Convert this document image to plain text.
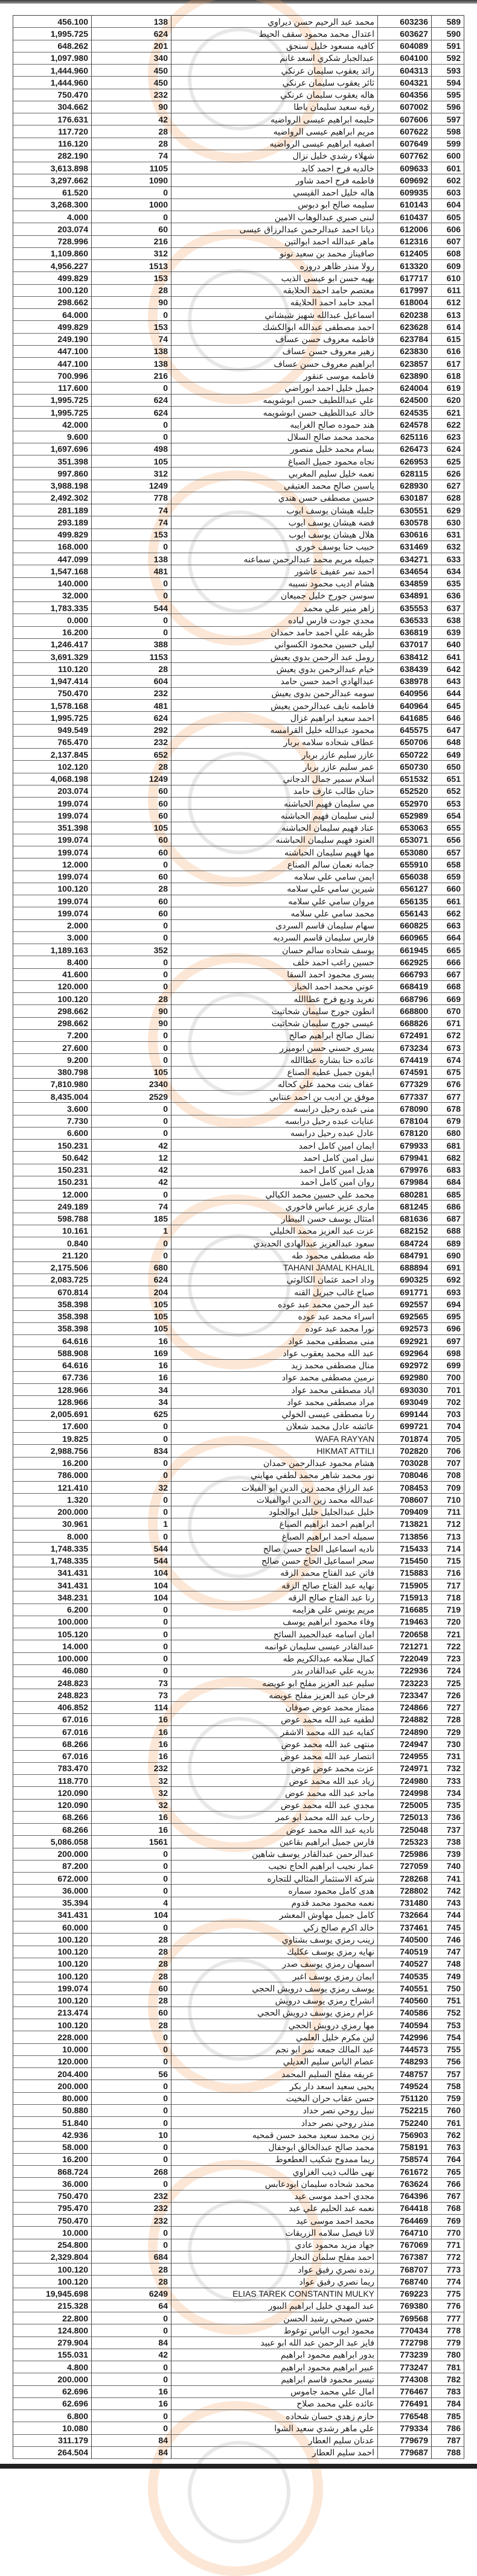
456.100	138	محمد عبد الرحيم حسن ديراوي	603236	589
1,995.725	624	اعتدال محمد محمود سقف الحيط	603627	590
648.262	201	كافيه مسعود خليل سنجق	604089	591
1,097.980	340	عبدالجبار شكري اسعد غانم	604100	592
1,444.960	450	رائد يعقوب سليمان عرنكي	604313	593
1,444.960	450	ثائر يعقوب سليمان عرنكي	604321	594
750.470	232	هاله يعقوب سليمان عرنكي	604356	595
304.662	90	رقيه سعيد سليمان باطا	607002	596
176.631	42	حليمه ابراهيم عيسى الرواضيه	607606	597
117.720	28	مريم ابراهيم عيسى الرواضيه	607622	598
116.120	28	اصفيه ابراهيم عيسى الرواضيه	607649	599
282.190	74	شهلاء رشدي خليل نزال	607762	600
3,613.898	1105	خالديه فرح احمد كايد	609633	601
3,297.662	1090	فاطمه فرح احمد شاور	609692	602
61.520	0	هاله خليل احمد القيسي	609935	603
3,268.300	1000	سليمه صالح ابو دبوس	610143	604
4.000	0	لبنى صبري عبدالوهاب الامين	610437	605
203.074	60	ديانا احمد عبدالرحمن عبدالرزاق عيسى	612006	606
728.996	216	ماهر عبدالله احمد ابوالتين	612316	607
1,109.860	312	صافيناز محمد بن سعيد نونو	612405	608
4,956.227	1513	رولا منذر ظاهر دروزه	613320	609
499.829	153	بهيه حسن ابو عيسى الذيب	617717	610
100.120	28	معتصم حامد احمد الحلايقه	617997	611
298.662	90	امجد حامد احمد الحلايقه	618004	612
64.000	0	اسماعيل عبدالله شهيز شيشاني	620238	613
499.829	153	احمد مصطفى عبدالله ابوالكشك	623628	614
249.190	74	فاطمه معروف حسن عساف	623784	615
447.100	138	زهير معروف حسن عساف	623830	616
447.100	138	ابراهيم معروف حسن عساف	623857	617
700.996	216	فاطمه موسى عنقور	623890	618
117.600	0	جميل خليل احمد ابوراضي	624004	619
1,995.725	624	علي عبداللطيف حسن ابوشويمه	624500	620
1,995.725	624	خالد عبداللطيف حسن ابوشويمه	624535	621
42.000	0	هند حموده صالح الغرايبه	624578	622
9.600	0	محمد محمد صالح السلال	625116	623
1,697.696	498	بسام محمد خليل منصور	626473	624
351.398	105	نجاه محمود جميل الصباغ	626953	625
997.860	312	نعمه خليل سليم المغربي	628115	626
3,988.198	1249	ياسين صالح محمد العتيقي	628930	627
2,492.302	778	حسين مصطفى حسن هندي	630187	628
281.189	74	جلبله هيشان يوسف ايوب	630551	629
293.189	74	فضه هيشان يوسف ايوب	630578	630
499.829	153	هلال هيشان يوسف ايوب	630616	631
168.000	0	حبيب حنا يوسف خوري	631469	632
447.099	138	جميله مريم محمد عبدالرحمن سماعنه	634271	633
1,547.168	481	احمد نمر عفيف عاشور	634654	634
140.000	0	هشام اديب محمود نسيبه	634859	635
32.000	0	سوسن جورج خليل جميعان	634891	636
1,783.335	544	زاهر منير علي محمد	635553	637
0.000	0	مجدي جودت فارس لباده	636533	638
16.200	0	ظريفه علي احمد حامد حمدان	636819	639
1,246.417	388	ليلى حسين محمود الكسواني	637017	640
3,691.329	1153	رومل عبد الرحمن بدوي يعيش	638412	641
110.120	28	خيام عبدالرحمن بدوي يعيش	638439	642
1,947.414	604	عبدالهادي احمد حسن حامد	638978	643
750.470	232	سومه عبدالرحمن بدوى يعيش	640956	644
1,578.168	481	فاطمه نايف عبدالرحمن يعيش	640964	645
1,995.725	624	احمد سعيد ابراهيم غزال	641685	646
949.549	292	محمود عبدالله خليل القرامسه	645575	647
765.470	232	عطاف شحاده سلامه بربار	650706	648
2,137.845	652	عازر سليم عازر بربار	650722	649
102.120	28	عمر سليم عازر بربار	650730	650
4,068.198	1249	اسلام سمير جمال الدجاني	651532	651
203.074	60	حنان طالب عارف حامد	652520	652
199.074	60	مي سليمان فهيم الحباشنه	652970	653
199.074	60	لبنى سليمان فهيم الحباشنه	652989	654
351.398	105	عناد فهيم سليمان الحباشنه	653063	655
199.074	60	العنود فهيم سليمان الحباشنه	653071	656
199.074	60	مها فهيم سليمان الحباشنه	653080	657
12.000	0	جمانه نعمان سالم الصناع	655910	658
199.074	60	ايمن سامي علي سلامه	656038	659
100.120	28	شيرين سامي علي سلامه	656127	660
199.074	60	مروان سامي علي سلامه	656135	661
199.074	60	محمد سامي علي سلامه	656143	662
2.000	0	سهام سليمان قاسم السردى	660825	663
3.000	0	فارس سليمان قاسم السرديه	660965	664
1,189.163	352	يوسف شحاده سالم حسان	661945	665
8.400	0	حسين راغب احمد خلف	662925	666
41.600	0	يسرى محمود احمد السقا	666793	667
120.000	0	عوني محمد احمد الخباز	668419	668
100.120	28	تغريد وديع فرج عطاالله	668796	669
298.662	90	انطون جورج سليمان شحاتيت	668800	670
298.662	90	عيسى جورج سليمان شحاتيت	668826	671
7.200	0	نضال صالح ابراهيم صالح	672491	672
27.600	0	يسرى حسني حسن ابوميزر	673234	673
9.200	0	عائده حنا بشاره عطاالله	674419	674
380.798	105	ايفون جميل عطيه الصناع	674591	675
7,810.980	2340	عفاف بنت محمد علي كحاله	677329	676
8,435.004	2529	موفق بن اديب بن احمد عنتابي	677337	677
3.600	0	منى عبده رحيل درابسه	678090	678
7.730	0	عنايات عبده رحيل درابسه	678104	679
6.600	0	عادل عبده رحيل درابسه	678120	680
150.231	42	ايمان امين كامل احمد	679933	681
50.642	12	نبيل امين كامل احمد	679941	682
150.231	42	هديل امين كامل احمد	679976	683
150.231	42	روان امين كامل احمد	679984	684
12.000	0	محمد علي حسين محمد الكيالي	680281	685
249.189	74	ماري عزيز عباس فاخوري	681245	686
598.788	185	امتثال يوسف حسن البيطار	681636	687
10.161	1	عزت عبد العزيز محمد الخليلي	682152	688
0.840	0	سعود عبدالعزيز عبدالهادى الحديدي	684724	689
21.120	0	طه مصطفى محمود طه	684791	690
2,175.506	680	TAHANI JAMAL KHALIL	688894	691
2,083.725	624	وداد احمد عثمان الكالوتي	690325	692
670.814	204	صباح غالب جبريل القنه	691771	693
358.398	105	عبد الرحمن محمد عبد عوده	692557	694
358.398	105	اسراء محمد عبد عوده	692565	695
358.398	105	نورا محمد عبد عوده	692573	696
64.616	16	منى مصطفى محمد عواد	692921	697
588.908	169	عبد الله محمد يعقوب عواد	692964	698
64.616	16	منال مصطفى محمد زيد	692972	699
67.736	16	نرمين مصطفى محمد عواد	692980	700
128.966	34	اياد مصطفى محمد عواد	693030	701
128.966	34	مراد مصطفى محمد عواد	693049	702
2,005.691	625	رنا مصطفى عيسى الخولي	699144	703
17.600	0	عائشه عادل محمد شعلان	699721	704
19.825	0	WAFA RAYYAN	701874	705
2,988.756	834	HIKMAT ATTILI	702820	706
16.200	0	هشام محمود عبدالرحمن حمدان	703028	707
786.000	0	نور محمد شاهر محمد لطفي مهايني	708046	708
121.410	32	عبد الرزاق محمد زين الدين ابو الفيلات	708453	709
1.320	0	عبدالله محمد زين الدين ابوالفيلات	708607	710
200.000	0	خليل عبدالجليل خليل ابوالجلود	709409	711
30.961	1	ابراهيم احمد ابراهيم الصباغ	713821	712
8.000	0	سميله احمد ابراهيم الصباغ	713856	713
1,748.335	544	ناديه اسماعيل الحاج حسن صالح	715433	714
1,748.335	544	سحر اسماعيل الحاج حسن صالح	715450	715
341.431	104	فاتن عبد الفتاح محمد الزقه	715883	716
341.431	104	نهايه عبد الفتاح صالح الزقه	715905	717
348.231	104	رنا عبد الفتاح صالح الزقه	715913	718
6.200	0	مريم يونس علي هزايمه	716685	719
100.000	0	وفاء محمود ابراهيم يوسف	719463	720
105.120	0	امان اسامه عبدالحميد السائح	720658	721
14.000	0	عبدالقادر عيسى سليمان غوانمه	721271	722
100.000	0	كمال سلامه عبدالكريم طه	722049	723
46.080	0	بدريه علي عبدالقادر بدر	722936	724
248.823	73	سليم عبد العزيز مفلح ابو عويضه	723223	725
248.823	73	فرحان عبد العزيز مفلح عويضه	723347	726
406.852	114	ممتاز محمد عوض صوفان	724866	727
67.016	16	لطفيه عبد الله محمد عوض	724882	728
67.016	16	كفايه عبد الله محمد الاشقر	724890	729
68.266	16	منتهى عبد الله محمد عوض	724947	730
67.016	16	انتصار عبد الله محمد عوض	724955	731
783.470	232	عزت محمد عوض عوض	724971	732
118.770	32	زياد عبد الله محمد عوض	724980	733
120.090	32	ماجد عبد الله محمد عوض	724998	734
120.090	32	مجدي عبد الله محمد عوض	725005	735
68.266	16	رحاب عبد الله محمد ابو عمر	725013	736
68.266	16	ناديه عبد الله محمد عوض	725048	737
5,086.058	1561	فارس جميل ابراهيم بقاعين	725323	738
200.000	0	عبدالرحمن عبدالقادر يوسف شاهين	725986	739
87.200	0	عمار نجيب ابراهيم الحاج نجيب	727059	740
672.000	0	شركة الاستثمار المثالي للتجاره	728268	741
36.000	0	هدى كامل محمود سماره	728802	742
35.394	4	نعمه محمود محمد قدوم	731480	743
341.431	104	كامل جميل مهاوش المعشر	732664	744
60.000	0	خالد اكرم صالح زكي	737461	745
100.120	28	زينب رمزي يوسف بشتاوي	740500	746
100.120	28	نهايه رمزي يوسف عكليك	740519	747
100.120	28	اسمهان رمزي يوسف صدر	740527	748
100.120	28	ايمان رمزي يوسف اغبر	740535	749
199.074	60	يوسف رمزي يوسف درويش الحجي	740551	750
100.120	28	انشراح رمزي يوسف درويش	740560	751
213.474	60	عزام رمزي يوسف درويش الحجي	740586	752
100.120	28	مها رمزي درويش الحجي	740594	753
228.000	0	لين مكرم خليل العلمي	742996	754
10.000	0	عبد المالك جمعه نمر ابو نجم	744573	755
120.000	0	عصام الياس سليم العديلي	748293	756
204.400	56	عريفه مفلح السليم المحمد	748757	757
200.000	0	يحيى سعيد اسعد دار بكر	749524	758
80.000	0	حسن عقاب حران البخيت	751120	759
50.880	0	نبيل روحي نصر حداد	752215	760
51.840	0	منذر روحي نصر حداد	752240	761
42.936	10	زين محمد سعيد محمد حسن قمحيه	756903	762
58.000	0	محمد صالح عبدالخالق ابوجفال	758191	763
16.200	0	ريما ممدوح شكيب العطعوط	758574	764
868.724	268	نهى طالب ذيب الغزاوي	761672	765
36.000	0	محمد شحاده سليمان ابودعابس	763624	766
750.470	232	مجدي احمد موسى عيد	764396	767
795.470	232	نعمه عبد الحليم علي عيد	764418	768
750.470	232	محمد احمد موسى عيد	764469	769
10.000	0	لانا فيصل سلامه الزريقات	764710	770
254.800	0	جهاد مزيد محمود عادي	767069	771
2,329.804	684	احمد مفلح سلمان النجار	767387	772
100.120	28	رنده نصري رفيق عواد	768707	773
100.120	28	ريما نصري رفيق عواد	768740	774
19,945.698	6249	ELIAS TAREK CONSTANTIN MULKY	769223	775
215.328	64	عبد المهدي خليل ابراهيم الببور	769380	776
22.800	0	حسن صبحي رشيد الحسن	769568	777
124.800	0	محمود ايوب الياس توغوط	770434	778
279.904	84	فايز عبد الرحمن عبد الله ابو عبيد	772798	779
155.031	42	بدور ابراهيم محمود ابراهيم	773239	780
4.800	0	عبير ابراهيم محمود ابراهيم	773247	781
200.000	0	تيسير محمود قاسم ابراهيم	774308	782
62.696	16	امال علي محمد جاموس	776467	783
62.696	16	عائده علي محمد صلاح	776491	784
6.800	0	حازم زهدي حسان شحاده	776548	785
10.080	0	علي ماهر رشدي سعيد الشوا	779334	786
311.179	84	عدنان سليم العطار	779679	787
264.504	84	احمد سليم العطار	779687	788
